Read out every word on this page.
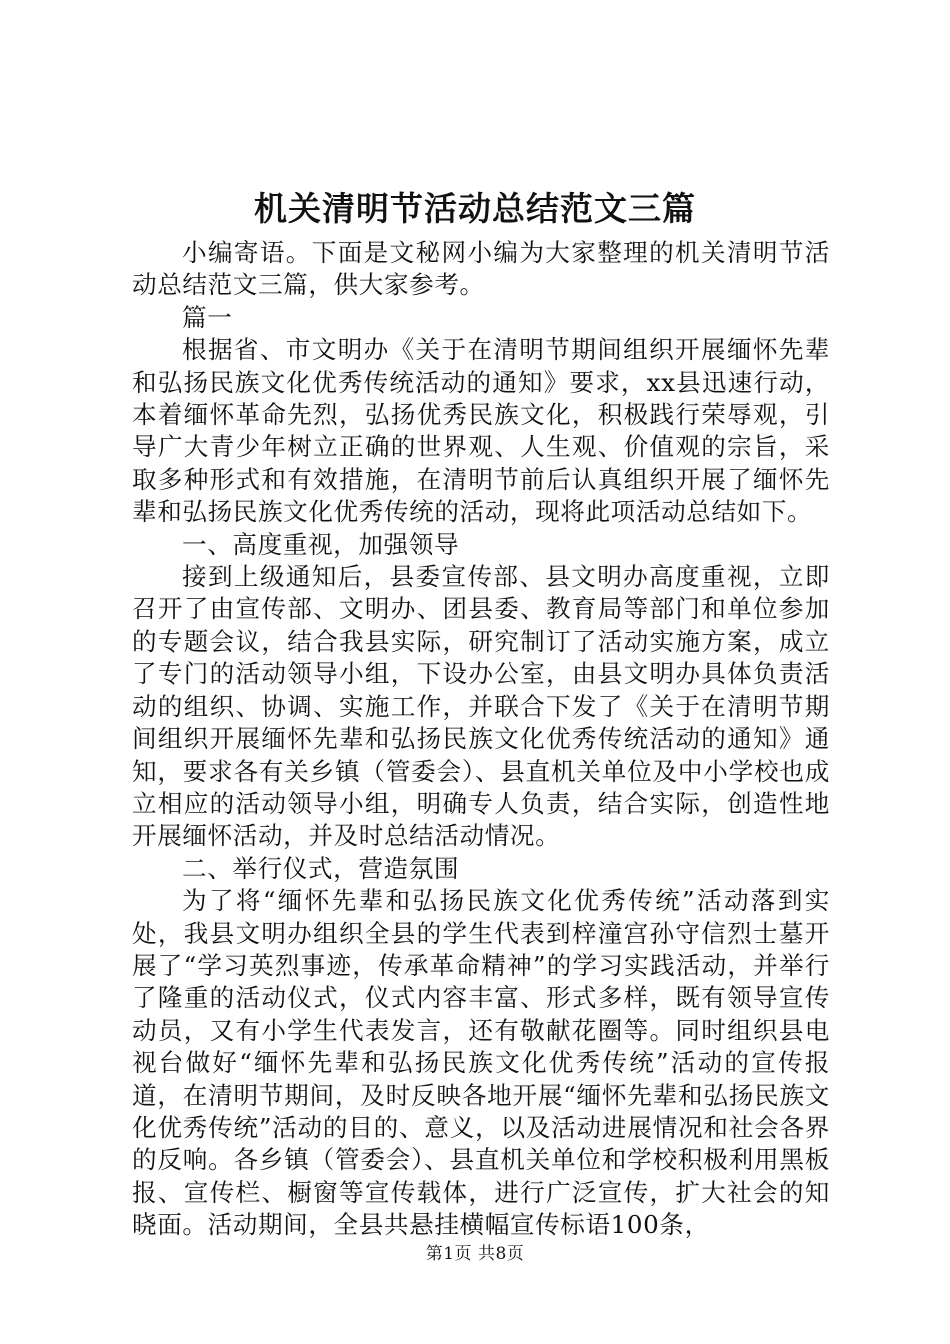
机关清明节活动总结范文三篇

小编寄语。下面是文秘网小编为大家整理的机关清明节活动总结范文三篇，供大家参考。

篇一

根据省、市文明办《关于在清明节期间组织开展缅怀先辈和弘扬民族文化优秀传统活动的通知》要求，xx县迅速行动，本着缅怀革命先烈，弘扬优秀民族文化，积极践行荣辱观，引导广大青少年树立正确的世界观、人生观、价值观的宗旨，采取多种形式和有效措施，在清明节前后认真组织开展了缅怀先辈和弘扬民族文化优秀传统的活动，现将此项活动总结如下。

一、高度重视，加强领导

接到上级通知后，县委宣传部、县文明办高度重视，立即召开了由宣传部、文明办、团县委、教育局等部门和单位参加的专题会议，结合我县实际，研究制订了活动实施方案，成立了专门的活动领导小组，下设办公室，由县文明办具体负责活动的组织、协调、实施工作，并联合下发了《关于在清明节期间组织开展缅怀先辈和弘扬民族文化优秀传统活动的通知》通知，要求各有关乡镇（管委会）、县直机关单位及中小学校也成立相应的活动领导小组，明确专人负责，结合实际，创造性地开展缅怀活动，并及时总结活动情况。

二、举行仪式，营造氛围

为了将“缅怀先辈和弘扬民族文化优秀传统”活动落到实处，我县文明办组织全县的学生代表到梓潼宫孙守信烈士墓开展了“学习英烈事迹，传承革命精神”的学习实践活动，并举行了隆重的活动仪式，仪式内容丰富、形式多样，既有领导宣传动员，又有小学生代表发言，还有敬献花圈等。同时组织县电视台做好“缅怀先辈和弘扬民族文化优秀传统”活动的宣传报道，在清明节期间，及时反映各地开展“缅怀先辈和弘扬民族文化优秀传统”活动的目的、意义，以及活动进展情况和社会各界的反响。各乡镇（管委会）、县直机关单位和学校积极利用黑板报、宣传栏、橱窗等宣传载体，进行广泛宣传，扩大社会的知晓面。活动期间，全县共悬挂横幅宣传标语100条，

第1页 共8页
